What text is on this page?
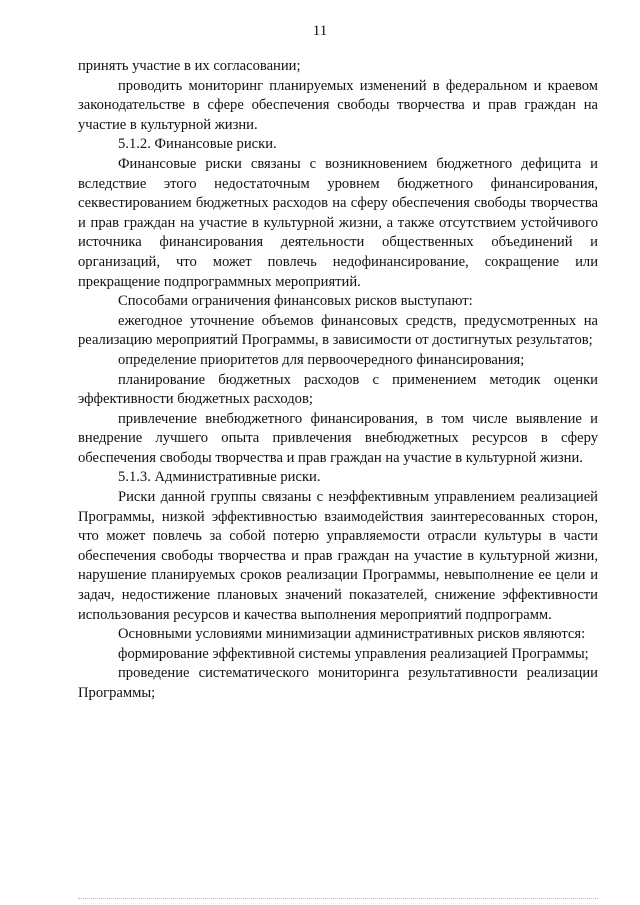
11

принять участие в их согласовании;

проводить мониторинг планируемых изменений в федеральном и краевом законодательстве в сфере обеспечения свободы творчества и прав граждан на участие в культурной жизни.

5.1.2. Финансовые риски.

Финансовые риски связаны с возникновением бюджетного дефицита и вследствие этого недостаточным уровнем бюджетного финансирования, секвестированием бюджетных расходов на сферу обеспечения свободы творчества и прав граждан на участие в культурной жизни, а также отсутствием устойчивого источника финансирования деятельности общественных объединений и организаций, что может повлечь недофинансирование, сокращение или прекращение подпрограммных мероприятий.

Способами ограничения финансовых рисков выступают:

ежегодное уточнение объемов финансовых средств, предусмотренных на реализацию мероприятий Программы, в зависимости от достигнутых результатов;

определение приоритетов для первоочередного финансирования;

планирование бюджетных расходов с применением методик оценки эффективности бюджетных расходов;

привлечение внебюджетного финансирования, в том числе выявление и внедрение лучшего опыта привлечения внебюджетных ресурсов в сферу обеспечения свободы творчества и прав граждан на участие в культурной жизни.

5.1.3. Административные риски.

Риски данной группы связаны с неэффективным управлением реализацией Программы, низкой эффективностью взаимодействия заинтересованных сторон, что может повлечь за собой потерю управляемости отрасли культуры в части обеспечения свободы творчества и прав граждан на участие в культурной жизни, нарушение планируемых сроков реализации Программы, невыполнение ее цели и задач, недостижение плановых значений показателей, снижение эффективности использования ресурсов и качества выполнения мероприятий подпрограмм.

Основными условиями минимизации административных рисков являются:

формирование эффективной системы управления реализацией Программы;

проведение систематического мониторинга результативности реализации Программы;
